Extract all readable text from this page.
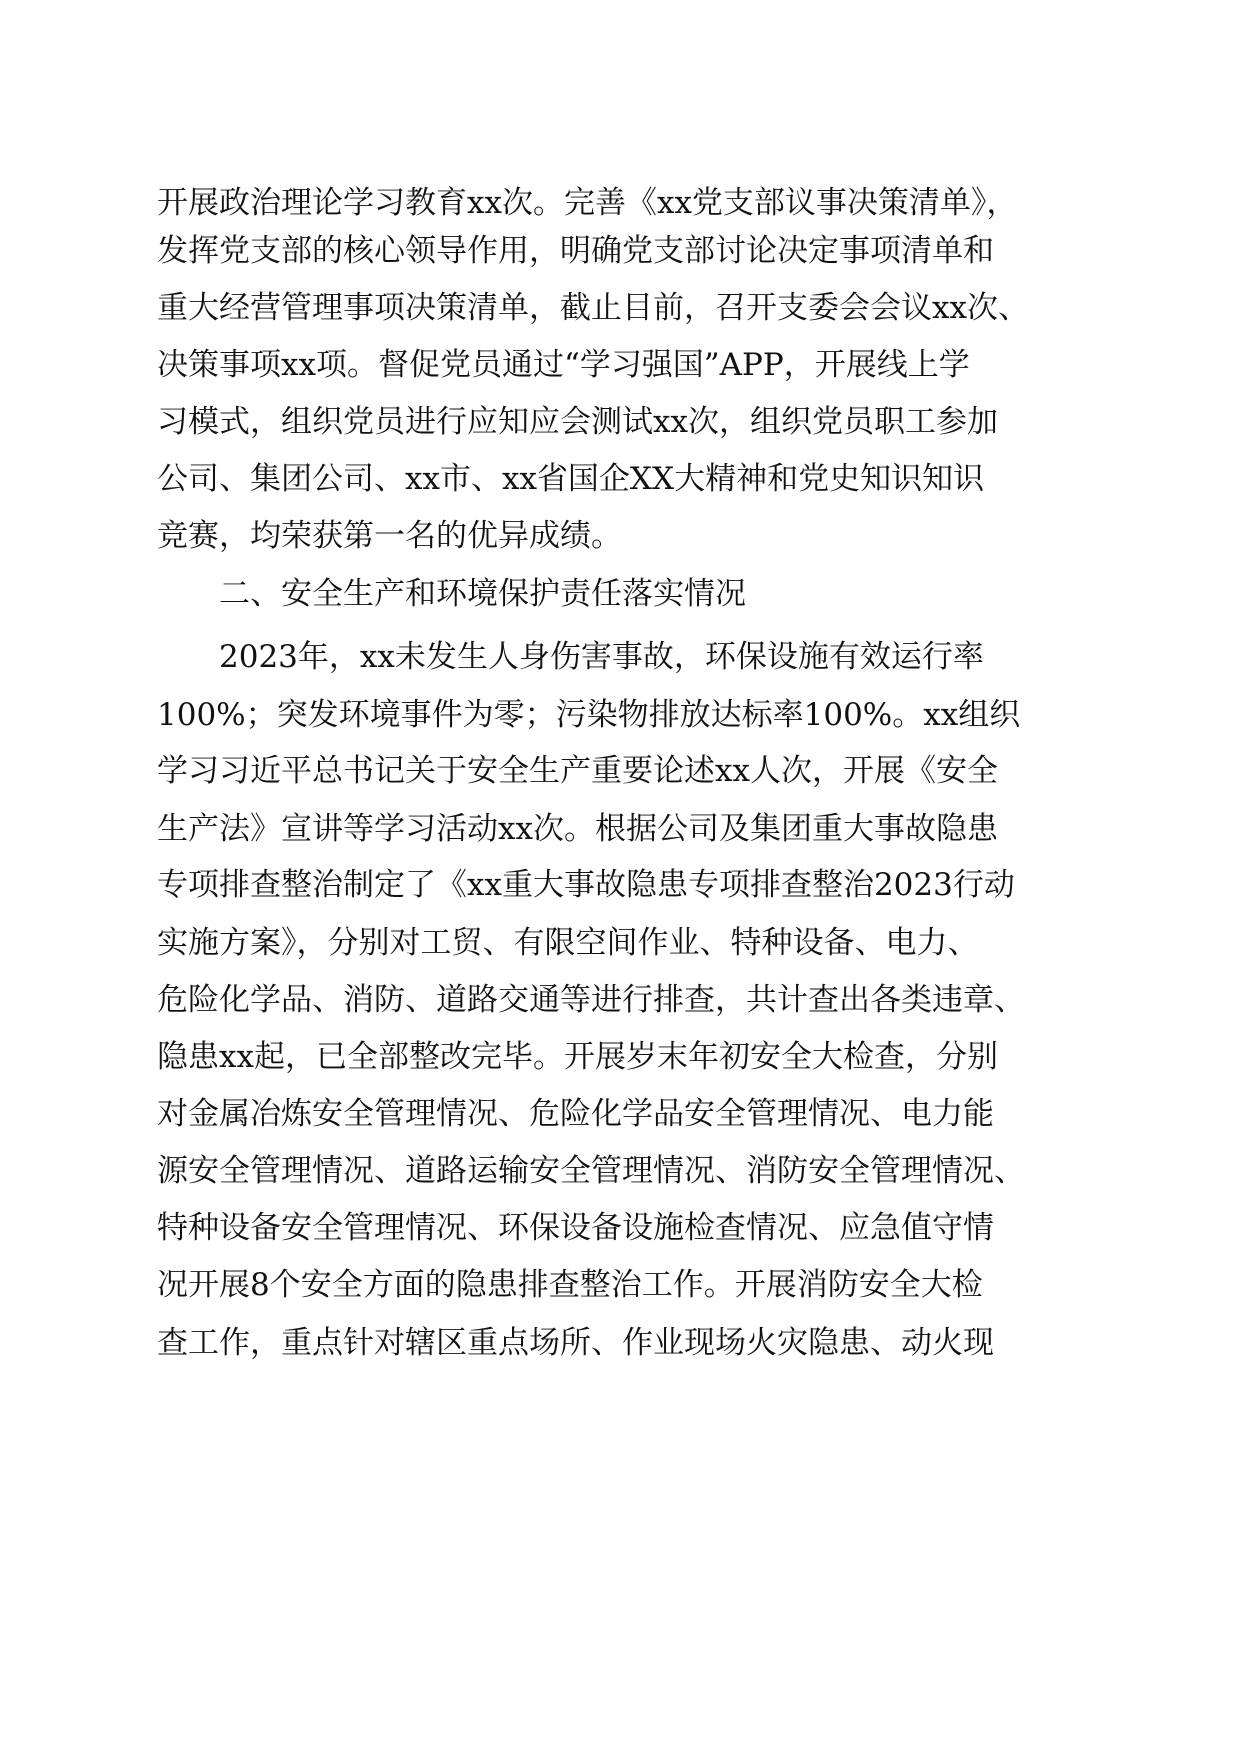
开展政治理论学习教育xx次。完善《xx党支部议事决策清单》，
发挥党支部的核心领导作用，明确党支部讨论决定事项清单和
重大经营管理事项决策清单，截止目前，召开支委会会议xx次、
决策事项xx项。督促党员通过“学习强国”APP，开展线上学
习模式，组织党员进行应知应会测试xx次，组织党员职工参加
公司、集团公司、xx市、xx省国企XX大精神和党史知识知识
竞赛，均荣获第一名的优异成绩。
二、安全生产和环境保护责任落实情况
2023年，xx未发生人身伤害事故，环保设施有效运行率
100%；突发环境事件为零；污染物排放达标率100%。xx组织
学习习近平总书记关于安全生产重要论述xx人次，开展《安全
生产法》宣讲等学习活动xx次。根据公司及集团重大事故隐患
专项排查整治制定了《xx重大事故隐患专项排查整治2023行动
实施方案》，分别对工贸、有限空间作业、特种设备、电力、
危险化学品、消防、道路交通等进行排查，共计查出各类违章、
隐患xx起，已全部整改完毕。开展岁末年初安全大检查，分别
对金属冶炼安全管理情况、危险化学品安全管理情况、电力能
源安全管理情况、道路运输安全管理情况、消防安全管理情况、
特种设备安全管理情况、环保设备设施检查情况、应急值守情
况开展8个安全方面的隐患排查整治工作。开展消防安全大检
查工作，重点针对辖区重点场所、作业现场火灾隐患、动火现
